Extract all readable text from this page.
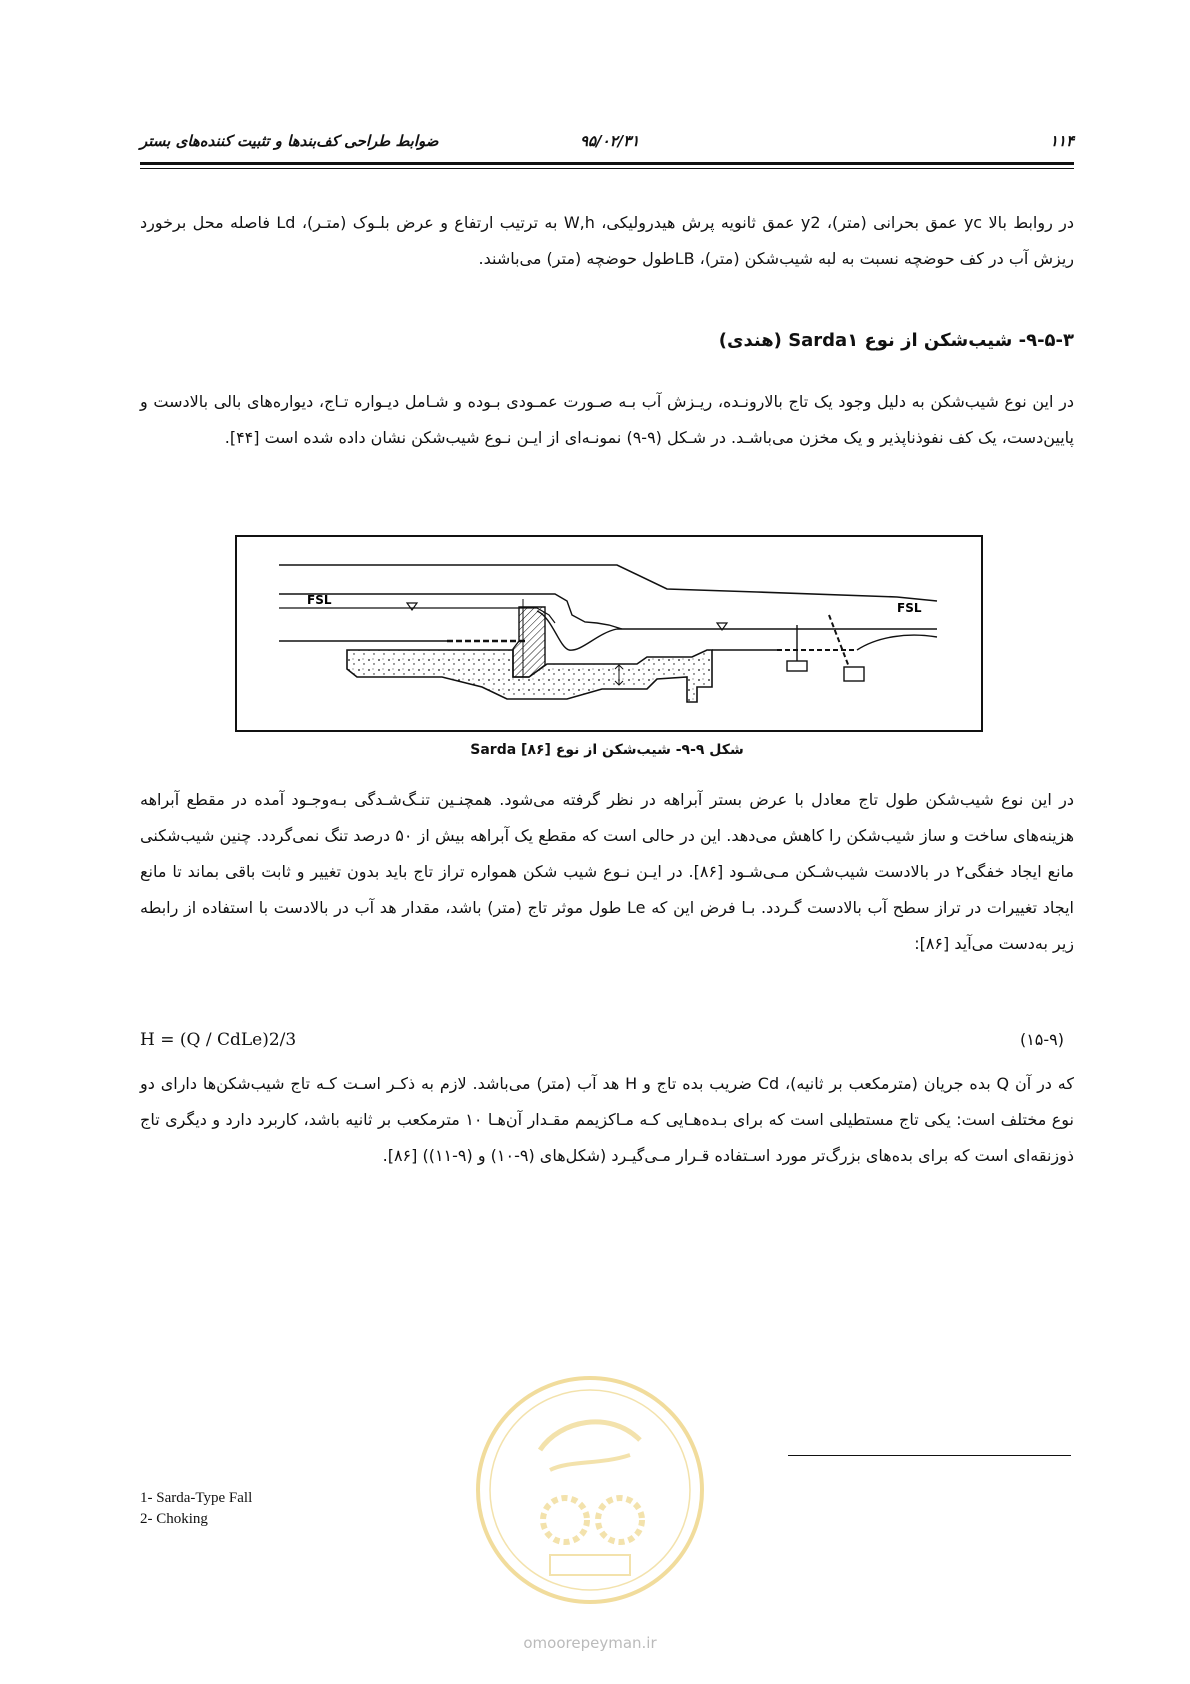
۱۱۴
۹۵/۰۲/۳۱
ضوابط طراحی کف‌بندها و تثبیت کننده‌های بستر
در روابط بالا yc عمق بحرانی (متر)، y2 عمق ثانویه پرش هیدرولیکی، W,h به ترتیب ارتفاع و عرض بلـوک (متـر)، Ld فاصله محل برخورد ریزش آب در کف حوضچه نسبت به لبه شیب‌شکن (متر)، LBطول حوضچه (متر) می‌باشند.
۹-۵-۳- شیب‌شکن از نوع Sarda۱ (هندی)
در این نوع شیب‌شکن به دلیل وجود یک تاج بالارونـده، ریـزش آب بـه صـورت عمـودی بـوده و شـامل دیـواره تـاج، دیواره‌های بالی بالادست و پایین‌دست، یک کف نفوذناپذیر و یک مخزن می‌باشـد. در شـکل (۹-۹) نمونـه‌ای از ایـن نـوع شیب‌شکن نشان داده شده است [۴۴].
FSL
FSL
شکل ۹-۹- شیب‌شکن از نوع Sarda [۸۶]
در این نوع شیب‌شکن طول تاج معادل با عرض بستر آبراهه در نظر گرفته می‌شود. همچنـین تنـگ‌شـدگی بـه‌وجـود آمده در مقطع آبراهه هزینه‌های ساخت و ساز شیب‌شکن را کاهش می‌دهد. این در حالی است که مقطع یک آبراهه بیش از ۵۰ درصد تنگ نمی‌گردد. چنین شیب‌شکنی مانع ایجاد خفگی۲ در بالادست شیب‌شـکن مـی‌شـود [۸۶]. در ایـن نـوع شیب شکن همواره تراز تاج باید بدون تغییر و ثابت باقی بماند تا مانع ایجاد تغییرات در تراز سطح آب بالادست گـردد. بـا فرض این که Le طول موثر تاج (متر) باشد، مقدار هد آب در بالادست با استفاده از رابطه زیر به‌دست می‌آید [۸۶]:
H = (Q / CdLe)2/3	(۱۵-۹)
که در آن Q بده جریان (مترمکعب بر ثانیه)، Cd ضریب بده تاج و H هد آب (متر) می‌باشد. لازم به ذکـر اسـت کـه تاج شیب‌شکن‌ها دارای دو نوع مختلف است: یکی تاج مستطیلی است که برای بـده‌هـایی کـه مـاکزیمم مقـدار آن‌هـا ۱۰ مترمکعب بر ثانیه باشد، کاربرد دارد و دیگری تاج ذوزنقه‌ای است که برای بده‌های بزرگ‌تر مورد اسـتفاده قـرار مـی‌گیـرد (شکل‌های (۹-۱۰) و (۹-۱۱)) [۸۶].
omoorepeyman.ir
1- Sarda-Type Fall
2- Choking
